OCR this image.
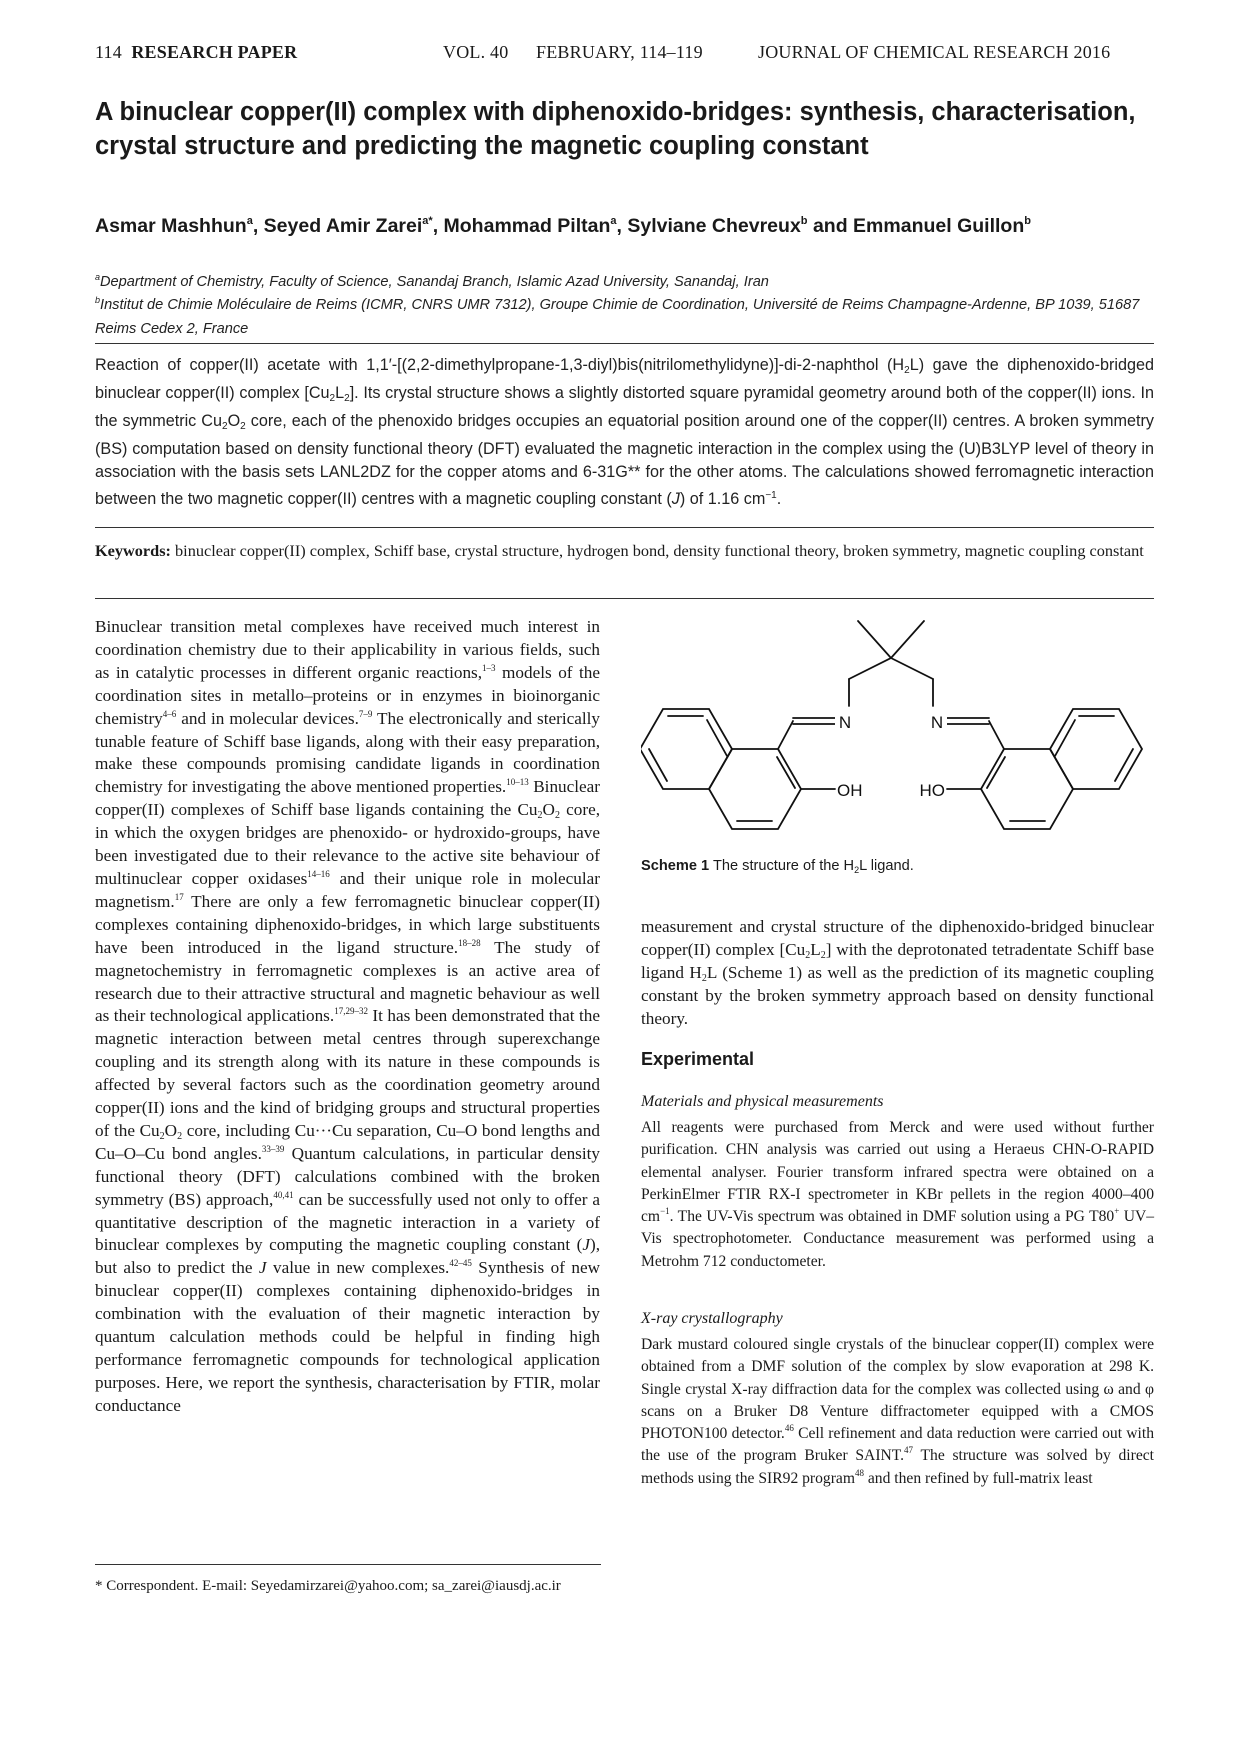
114 RESEARCH PAPER	VOL. 40 FEBRUARY, 114–119	JOURNAL OF CHEMICAL RESEARCH 2016
A binuclear copper(II) complex with diphenoxido-bridges: synthesis, characterisation, crystal structure and predicting the magnetic coupling constant
Asmar Mashhun$^a$, Seyed Amir Zarei$^{a*}$, Mohammad Piltan$^a$, Sylviane Chevreux$^b$ and Emmanuel Guillon$^b$
$^a$Department of Chemistry, Faculty of Science, Sanandaj Branch, Islamic Azad University, Sanandaj, Iran
$^b$Institut de Chimie Moléculaire de Reims (ICMR, CNRS UMR 7312), Groupe Chimie de Coordination, Université de Reims Champagne-Ardenne, BP 1039, 51687 Reims Cedex 2, France
Reaction of copper(II) acetate with 1,1′-[(2,2-dimethylpropane-1,3-diyl)bis(nitrilomethylidyne)]-di-2-naphthol $(H_2L)$ gave the diphenoxido-bridged binuclear copper(II) complex $[Cu_2L_2]$. Its crystal structure shows a slightly distorted square pyramidal geometry around both of the copper(II) ions. In the symmetric $Cu_2O_2$ core, each of the phenoxido bridges occupies an equatorial position around one of the copper(II) centres. A broken symmetry (BS) computation based on density functional theory (DFT) evaluated the magnetic interaction in the complex using the (U)B3LYP level of theory in association with the basis sets LANL2DZ for the copper atoms and 6-31G** for the other atoms. The calculations showed ferromagnetic interaction between the two magnetic copper(II) centres with a magnetic coupling constant (J) of 1.16 $cm^{-1}$.
Keywords: binuclear copper(II) complex, Schiff base, crystal structure, hydrogen bond, density functional theory, broken symmetry, magnetic coupling constant
Binuclear transition metal complexes have received much interest in coordination chemistry due to their applicability in various fields, such as in catalytic processes in different organic reactions,$^{1-3}$ models of the coordination sites in metallo–proteins or in enzymes in bioinorganic chemistry$^{4-6}$ and in molecular devices.$^{7-9}$ The electronically and sterically tunable feature of Schiff base ligands, along with their easy preparation, make these compounds promising candidate ligands in coordination chemistry for investigating the above mentioned properties.$^{10-13}$ Binuclear copper(II) complexes of Schiff base ligands containing the $Cu_2O_2$ core, in which the oxygen bridges are phenoxido- or hydroxido-groups, have been investigated due to their relevance to the active site behaviour of multinuclear copper oxidases$^{14-16}$ and their unique role in molecular magnetism.$^{17}$ There are only a few ferromagnetic binuclear copper(II) complexes containing diphenoxido-bridges, in which large substituents have been introduced in the ligand structure.$^{18-28}$ The study of magnetochemistry in ferromagnetic complexes is an active area of research due to their attractive structural and magnetic behaviour as well as their technological applications.$^{17,29-32}$ It has been demonstrated that the magnetic interaction between metal centres through superexchange coupling and its strength along with its nature in these compounds is affected by several factors such as the coordination geometry around copper(II) ions and the kind of bridging groups and structural properties of the $Cu_2O_2$ core, including Cu···Cu separation, Cu–O bond lengths and Cu–O–Cu bond angles.$^{33-39}$ Quantum calculations, in particular density functional theory (DFT) calculations combined with the broken symmetry (BS) approach,$^{40,41}$ can be successfully used not only to offer a quantitative description of the magnetic interaction in a variety of binuclear complexes by computing the magnetic coupling constant (J), but also to predict the J value in new complexes.$^{42-45}$ Synthesis of new binuclear copper(II) complexes containing diphenoxido-bridges in combination with the evaluation of their magnetic interaction by quantum calculation methods could be helpful in finding high performance ferromagnetic compounds for technological application purposes. Here, we report the synthesis, characterisation by FTIR, molar conductance
N	N
OH	HO
Scheme 1 The structure of the $H_2L$ ligand.
measurement and crystal structure of the diphenoxido-bridged binuclear copper(II) complex $[Cu_2L_2]$ with the deprotonated tetradentate Schiff base ligand $H_2L$ (Scheme 1) as well as the prediction of its magnetic coupling constant by the broken symmetry approach based on density functional theory.
Experimental
Materials and physical measurements
All reagents were purchased from Merck and were used without further purification. CHN analysis was carried out using a Heraeus CHN-O-RAPID elemental analyser. Fourier transform infrared spectra were obtained on a PerkinElmer FTIR RX-I spectrometer in KBr pellets in the region 4000–400 $cm^{-1}$. The UV-Vis spectrum was obtained in DMF solution using a PG T80+ UV–Vis spectrophotometer. Conductance measurement was performed using a Metrohm 712 conductometer.
X-ray crystallography
Dark mustard coloured single crystals of the binuclear copper(II) complex were obtained from a DMF solution of the complex by slow evaporation at 298 K. Single crystal X-ray diffraction data for the complex was collected using ω and φ scans on a Bruker D8 Venture diffractometer equipped with a CMOS PHOTON100 detector.$^{46}$ Cell refinement and data reduction were carried out with the use of the program Bruker SAINT.$^{47}$ The structure was solved by direct methods using the SIR92 program$^{48}$ and then refined by full-matrix least
* Correspondent. E-mail: Seyedamirzarei@yahoo.com; sa_zarei@iausdj.ac.ir
